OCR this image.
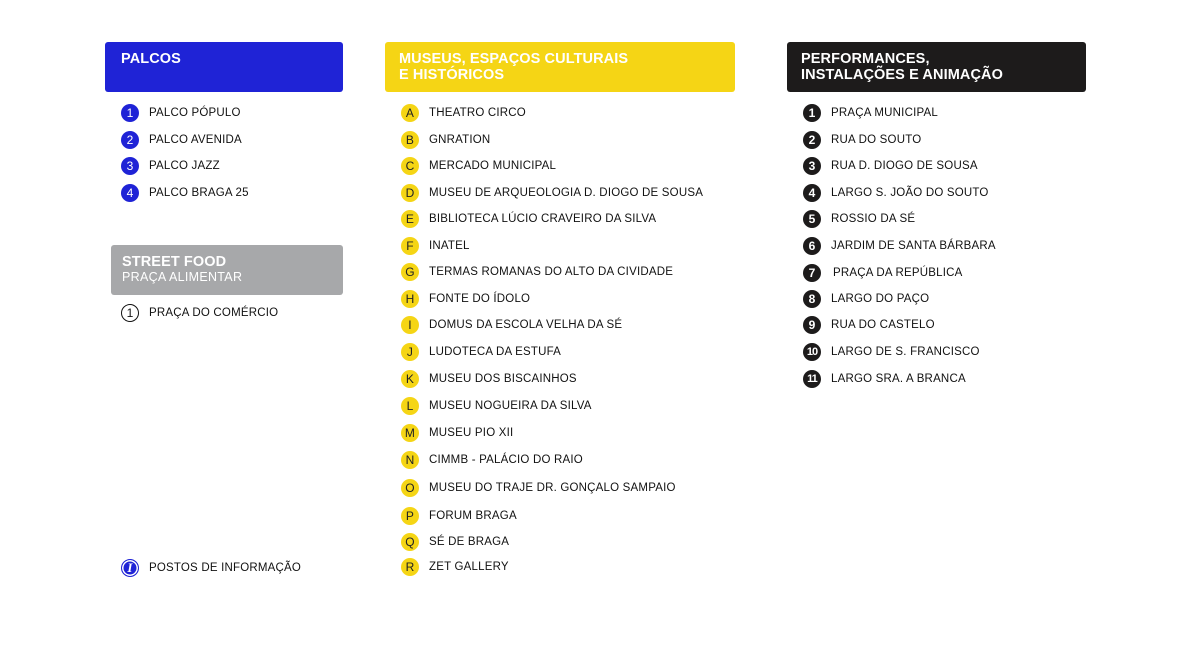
PALCOS
1	PALCO PÓPULO
2	PALCO AVENIDA
3	PALCO JAZZ
4	PALCO BRAGA 25
STREET FOOD
PRAÇA ALIMENTAR
1	PRAÇA DO COMÉRCIO
I	POSTOS DE INFORMAÇÃO
MUSEUS, ESPAÇOS CULTURAIS
E HISTÓRICOS
A	THEATRO CIRCO
B	GNRATION
C	MERCADO MUNICIPAL
D	MUSEU DE ARQUEOLOGIA D. DIOGO DE SOUSA
E	BIBLIOTECA LÚCIO CRAVEIRO DA SILVA
F	INATEL
G	TERMAS ROMANAS DO ALTO DA CIVIDADE
H	FONTE DO ÍDOLO
I	DOMUS DA ESCOLA VELHA DA SÉ
J	LUDOTECA DA ESTUFA
K	MUSEU DOS BISCAINHOS
L	MUSEU NOGUEIRA DA SILVA
M	MUSEU PIO XII
N	CIMMB - PALÁCIO DO RAIO
O	MUSEU DO TRAJE DR. GONÇALO SAMPAIO
P	FORUM BRAGA
Q	SÉ DE BRAGA
R	ZET GALLERY
PERFORMANCES,
INSTALAÇÕES E ANIMAÇÃO
1	PRAÇA MUNICIPAL
2	RUA DO SOUTO
3	RUA D. DIOGO DE SOUSA
4	LARGO S. JOÃO DO SOUTO
5	ROSSIO DA SÉ
6	JARDIM DE SANTA BÁRBARA
7	PRAÇA DA REPÚBLICA
8	LARGO DO PAÇO
9	RUA DO CASTELO
10	LARGO DE S. FRANCISCO
11	LARGO SRA. A BRANCA
